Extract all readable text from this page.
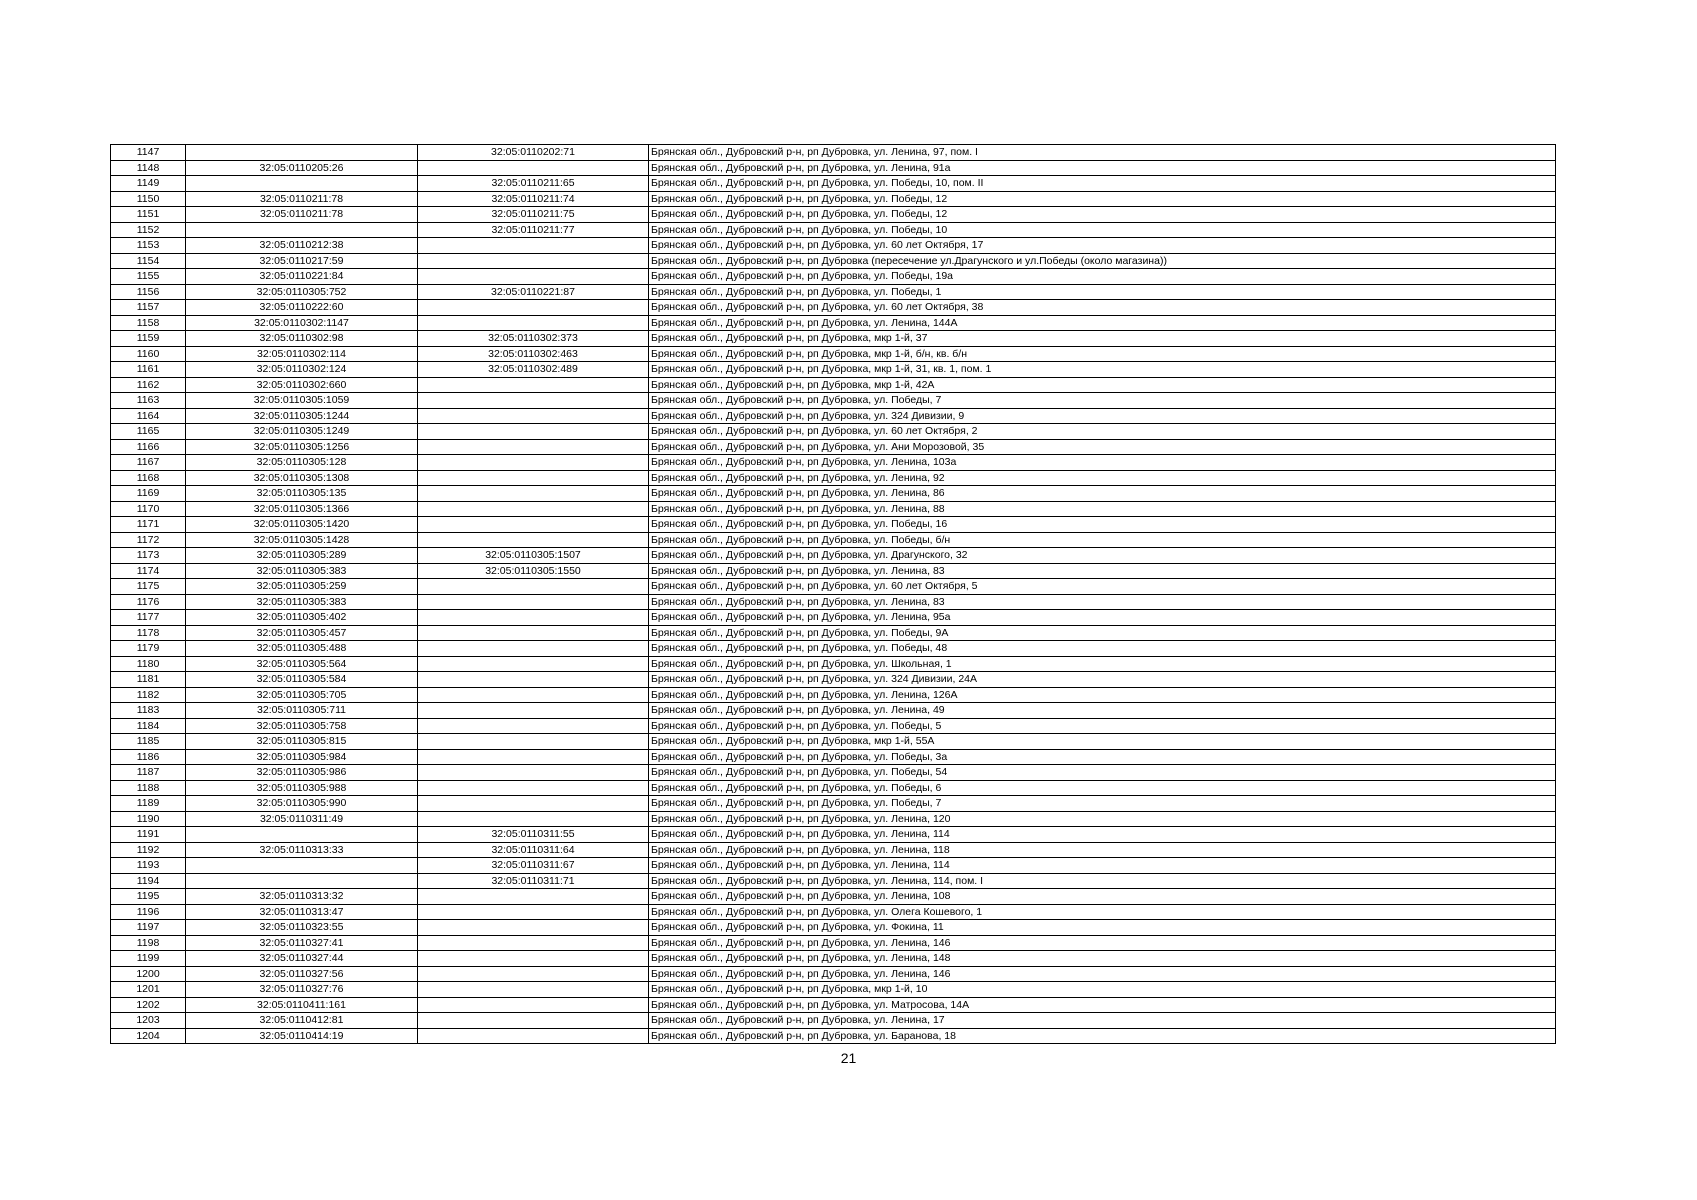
1147		32:05:0110202:71	Брянская обл., Дубровский р-н, рп Дубровка, ул. Ленина, 97, пом. I
1148	32:05:0110205:26		Брянская обл., Дубровский р-н, рп Дубровка, ул. Ленина, 91а
1149		32:05:0110211:65	Брянская обл., Дубровский р-н, рп Дубровка, ул. Победы, 10, пом. II
1150	32:05:0110211:78	32:05:0110211:74	Брянская обл., Дубровский р-н, рп Дубровка, ул. Победы, 12
1151	32:05:0110211:78	32:05:0110211:75	Брянская обл., Дубровский р-н, рп Дубровка, ул. Победы, 12
1152		32:05:0110211:77	Брянская обл., Дубровский р-н, рп Дубровка, ул. Победы, 10
1153	32:05:0110212:38		Брянская обл., Дубровский р-н, рп Дубровка, ул. 60 лет Октября, 17
1154	32:05:0110217:59		Брянская обл., Дубровский р-н, рп Дубровка (пересечение ул.Драгунского и ул.Победы (около магазина))
1155	32:05:0110221:84		Брянская обл., Дубровский р-н, рп Дубровка, ул. Победы, 19а
1156	32:05:0110305:752	32:05:0110221:87	Брянская обл., Дубровский р-н, рп Дубровка, ул. Победы, 1
1157	32:05:0110222:60		Брянская обл., Дубровский р-н, рп Дубровка, ул. 60 лет Октября, 38
1158	32:05:0110302:1147		Брянская обл., Дубровский р-н, рп Дубровка, ул. Ленина, 144А
1159	32:05:0110302:98	32:05:0110302:373	Брянская обл., Дубровский р-н, рп Дубровка, мкр 1-й, 37
1160	32:05:0110302:114	32:05:0110302:463	Брянская обл., Дубровский р-н, рп Дубровка, мкр 1-й, б/н, кв. б/н
1161	32:05:0110302:124	32:05:0110302:489	Брянская обл., Дубровский р-н, рп Дубровка, мкр 1-й, 31, кв. 1, пом. 1
1162	32:05:0110302:660		Брянская обл., Дубровский р-н, рп Дубровка, мкр 1-й, 42А
1163	32:05:0110305:1059		Брянская обл., Дубровский р-н, рп Дубровка, ул. Победы, 7
1164	32:05:0110305:1244		Брянская обл., Дубровский р-н, рп Дубровка, ул. 324 Дивизии, 9
1165	32:05:0110305:1249		Брянская обл., Дубровский р-н, рп Дубровка, ул. 60 лет Октября, 2
1166	32:05:0110305:1256		Брянская обл., Дубровский р-н, рп Дубровка, ул. Ани Морозовой, 35
1167	32:05:0110305:128		Брянская обл., Дубровский р-н, рп Дубровка, ул. Ленина, 103а
1168	32:05:0110305:1308		Брянская обл., Дубровский р-н, рп Дубровка, ул. Ленина, 92
1169	32:05:0110305:135		Брянская обл., Дубровский р-н, рп Дубровка, ул. Ленина, 86
1170	32:05:0110305:1366		Брянская обл., Дубровский р-н, рп Дубровка, ул. Ленина, 88
1171	32:05:0110305:1420		Брянская обл., Дубровский р-н, рп Дубровка, ул. Победы, 16
1172	32:05:0110305:1428		Брянская обл., Дубровский р-н, рп Дубровка, ул. Победы, б/н
1173	32:05:0110305:289	32:05:0110305:1507	Брянская обл., Дубровский р-н, рп Дубровка, ул. Драгунского, 32
1174	32:05:0110305:383	32:05:0110305:1550	Брянская обл., Дубровский р-н, рп Дубровка, ул. Ленина, 83
1175	32:05:0110305:259		Брянская обл., Дубровский р-н, рп Дубровка, ул. 60 лет Октября, 5
1176	32:05:0110305:383		Брянская обл., Дубровский р-н, рп Дубровка, ул. Ленина, 83
1177	32:05:0110305:402		Брянская обл., Дубровский р-н, рп Дубровка, ул. Ленина, 95а
1178	32:05:0110305:457		Брянская обл., Дубровский р-н, рп Дубровка, ул. Победы, 9А
1179	32:05:0110305:488		Брянская обл., Дубровский р-н, рп Дубровка, ул. Победы, 48
1180	32:05:0110305:564		Брянская обл., Дубровский р-н, рп Дубровка, ул. Школьная, 1
1181	32:05:0110305:584		Брянская обл., Дубровский р-н, рп Дубровка, ул. 324 Дивизии, 24А
1182	32:05:0110305:705		Брянская обл., Дубровский р-н, рп Дубровка, ул. Ленина, 126А
1183	32:05:0110305:711		Брянская обл., Дубровский р-н, рп Дубровка, ул. Ленина, 49
1184	32:05:0110305:758		Брянская обл., Дубровский р-н, рп Дубровка, ул. Победы, 5
1185	32:05:0110305:815		Брянская обл., Дубровский р-н, рп Дубровка, мкр 1-й, 55А
1186	32:05:0110305:984		Брянская обл., Дубровский р-н, рп Дубровка, ул. Победы, 3а
1187	32:05:0110305:986		Брянская обл., Дубровский р-н, рп Дубровка, ул. Победы, 54
1188	32:05:0110305:988		Брянская обл., Дубровский р-н, рп Дубровка, ул. Победы, 6
1189	32:05:0110305:990		Брянская обл., Дубровский р-н, рп Дубровка, ул. Победы, 7
1190	32:05:0110311:49		Брянская обл., Дубровский р-н, рп Дубровка, ул. Ленина, 120
1191		32:05:0110311:55	Брянская обл., Дубровский р-н, рп Дубровка, ул. Ленина, 114
1192	32:05:0110313:33	32:05:0110311:64	Брянская обл., Дубровский р-н, рп Дубровка, ул. Ленина, 118
1193		32:05:0110311:67	Брянская обл., Дубровский р-н, рп Дубровка, ул. Ленина, 114
1194		32:05:0110311:71	Брянская обл., Дубровский р-н, рп Дубровка, ул. Ленина, 114, пом. I
1195	32:05:0110313:32		Брянская обл., Дубровский р-н, рп Дубровка, ул. Ленина, 108
1196	32:05:0110313:47		Брянская обл., Дубровский р-н, рп Дубровка, ул. Олега Кошевого, 1
1197	32:05:0110323:55		Брянская обл., Дубровский р-н, рп Дубровка, ул. Фокина, 11
1198	32:05:0110327:41		Брянская обл., Дубровский р-н, рп Дубровка, ул. Ленина, 146
1199	32:05:0110327:44		Брянская обл., Дубровский р-н, рп Дубровка, ул. Ленина, 148
1200	32:05:0110327:56		Брянская обл., Дубровский р-н, рп Дубровка, ул. Ленина, 146
1201	32:05:0110327:76		Брянская обл., Дубровский р-н, рп Дубровка, мкр 1-й, 10
1202	32:05:0110411:161		Брянская обл., Дубровский р-н, рп Дубровка, ул. Матросова, 14А
1203	32:05:0110412:81		Брянская обл., Дубровский р-н, рп Дубровка, ул. Ленина, 17
1204	32:05:0110414:19		Брянская обл., Дубровский р-н, рп Дубровка, ул. Баранова, 18
21
